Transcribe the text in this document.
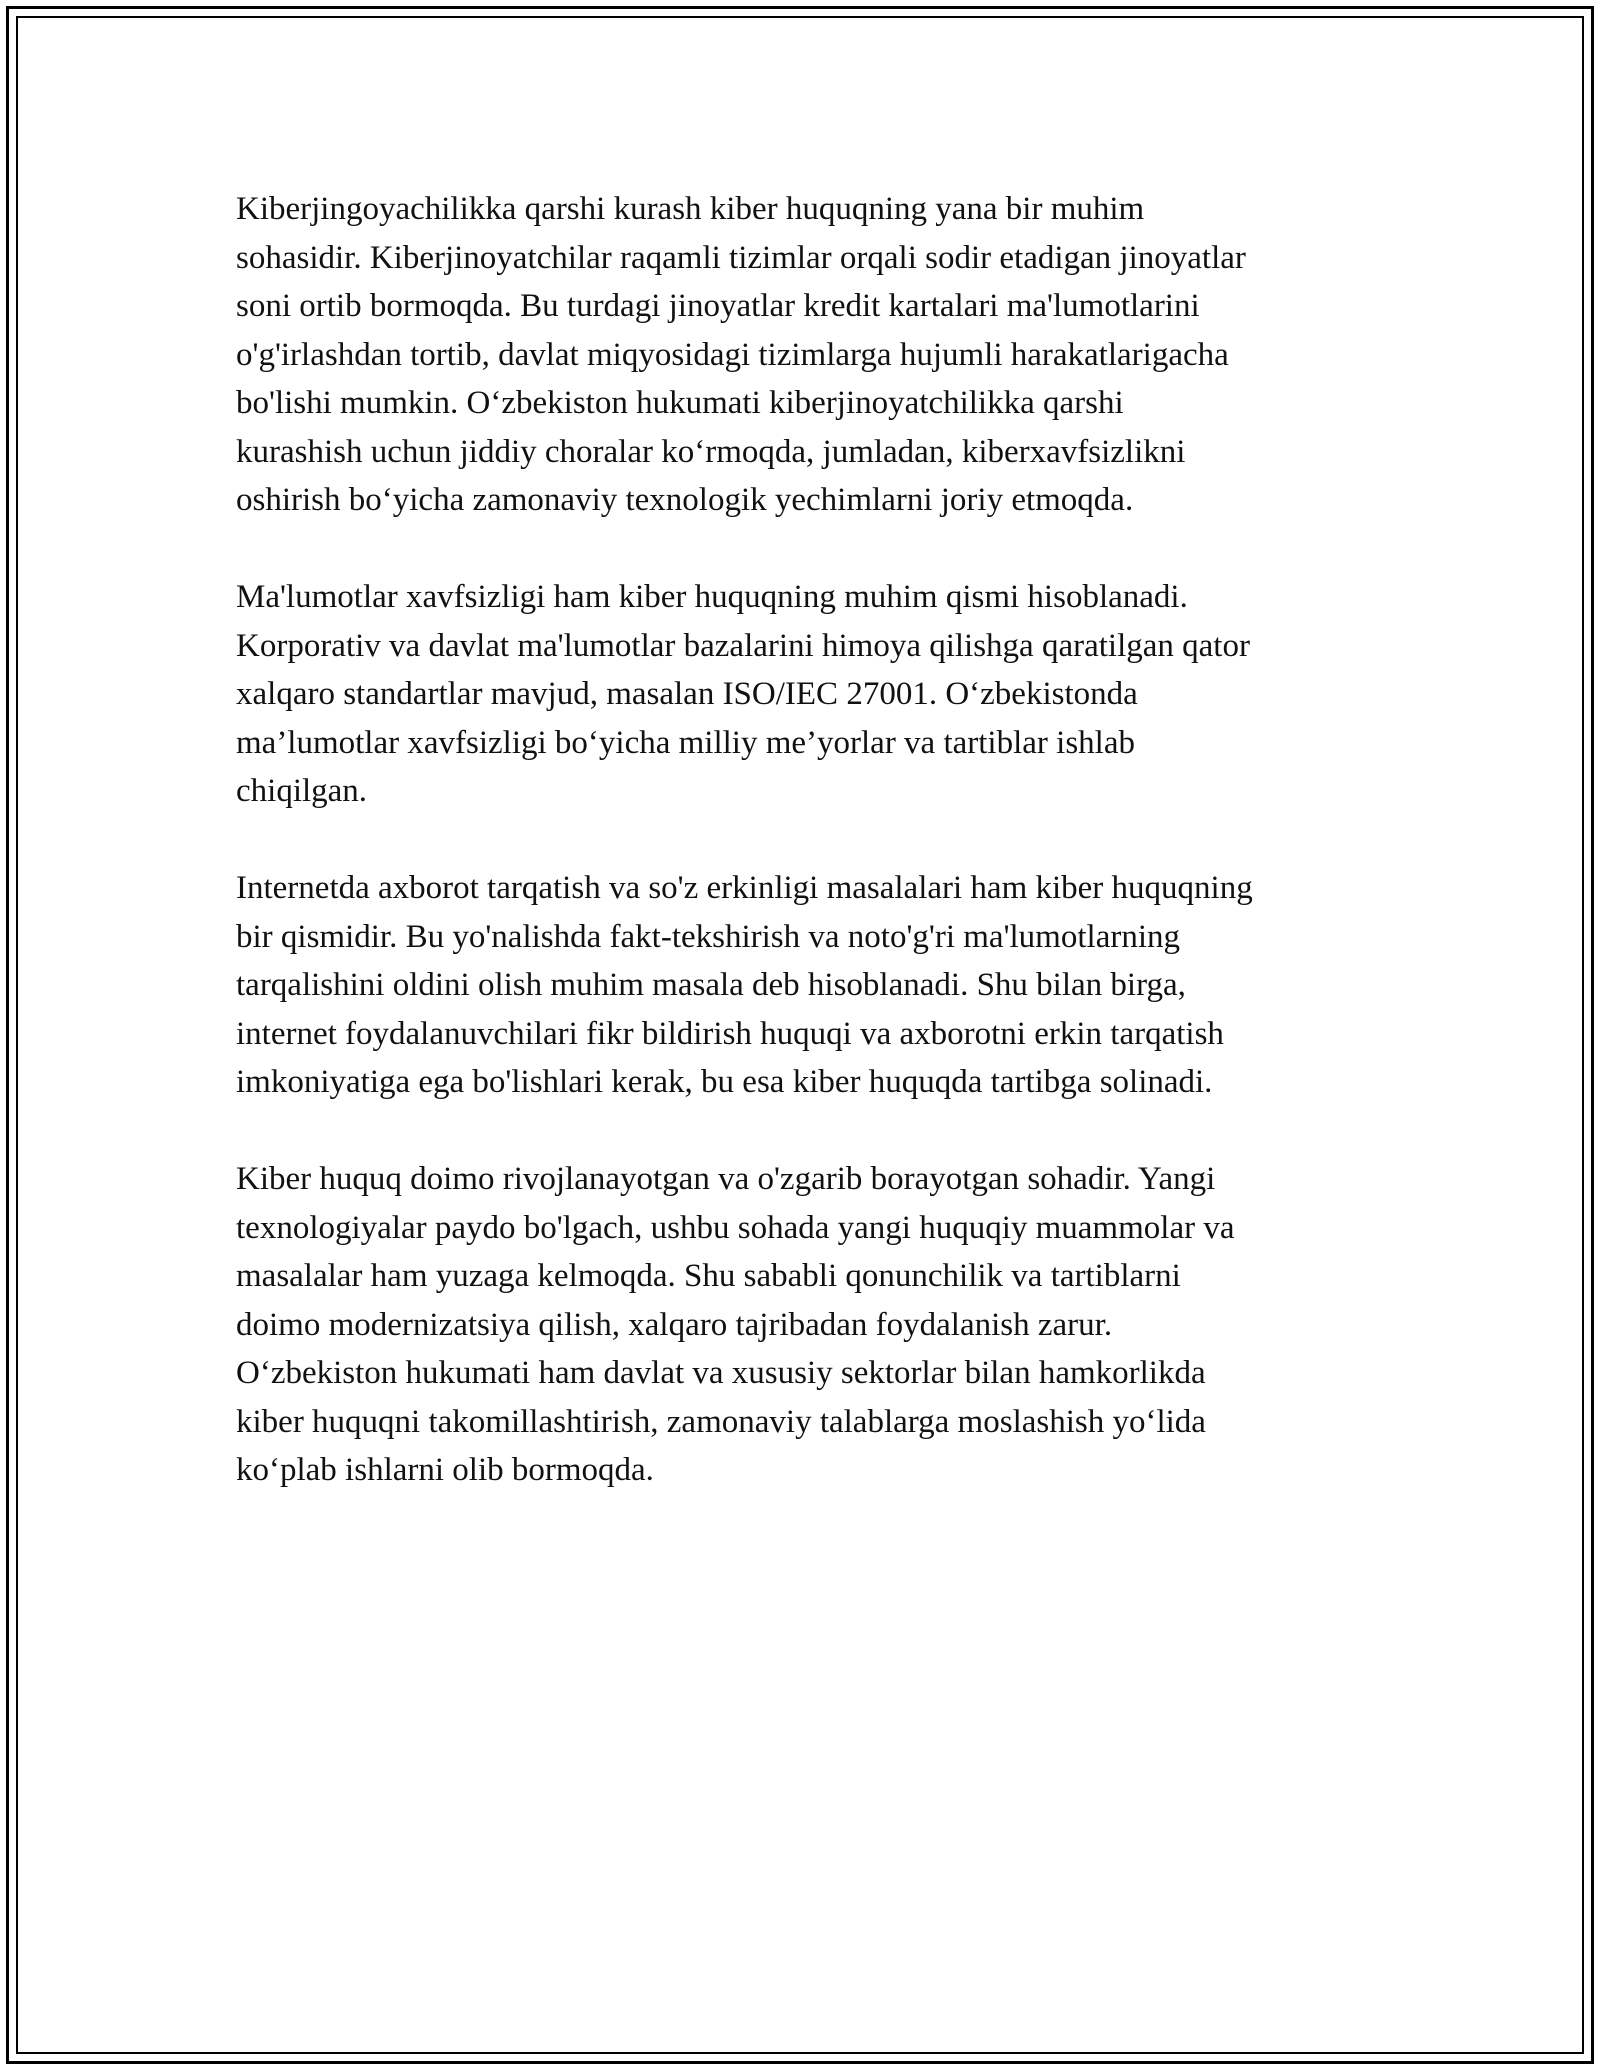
Kiberjingoyachilikka qarshi kurash kiber huquqning yana bir muhim
sohasidir. Kiberjinoyatchilar raqamli tizimlar orqali sodir etadigan jinoyatlar
soni ortib bormoqda. Bu turdagi jinoyatlar kredit kartalari ma'lumotlarini
o'g'irlashdan tortib, davlat miqyosidagi tizimlarga hujumli harakatlarigacha
bo'lishi mumkin. O‘zbekiston hukumati kiberjinoyatchilikka qarshi
kurashish uchun jiddiy choralar ko‘rmoqda, jumladan, kiberxavfsizlikni
oshirish bo‘yicha zamonaviy texnologik yechimlarni joriy etmoqda.

Ma'lumotlar xavfsizligi ham kiber huquqning muhim qismi hisoblanadi.
Korporativ va davlat ma'lumotlar bazalarini himoya qilishga qaratilgan qator
xalqaro standartlar mavjud, masalan ISO/IEC 27001. O‘zbekistonda
ma’lumotlar xavfsizligi bo‘yicha milliy me’yorlar va tartiblar ishlab
chiqilgan.

Internetda axborot tarqatish va so'z erkinligi masalalari ham kiber huquqning
bir qismidir. Bu yo'nalishda fakt-tekshirish va noto'g'ri ma'lumotlarning
tarqalishini oldini olish muhim masala deb hisoblanadi. Shu bilan birga,
internet foydalanuvchilari fikr bildirish huquqi va axborotni erkin tarqatish
imkoniyatiga ega bo'lishlari kerak, bu esa kiber huquqda tartibga solinadi.

Kiber huquq doimo rivojlanayotgan va o'zgarib borayotgan sohadir. Yangi
texnologiyalar paydo bo'lgach, ushbu sohada yangi huquqiy muammolar va
masalalar ham yuzaga kelmoqda. Shu sababli qonunchilik va tartiblarni
doimo modernizatsiya qilish, xalqaro tajribadan foydalanish zarur.
O‘zbekiston hukumati ham davlat va xususiy sektorlar bilan hamkorlikda
kiber huquqni takomillashtirish, zamonaviy talablarga moslashish yo‘lida
ko‘plab ishlarni olib bormoqda.
